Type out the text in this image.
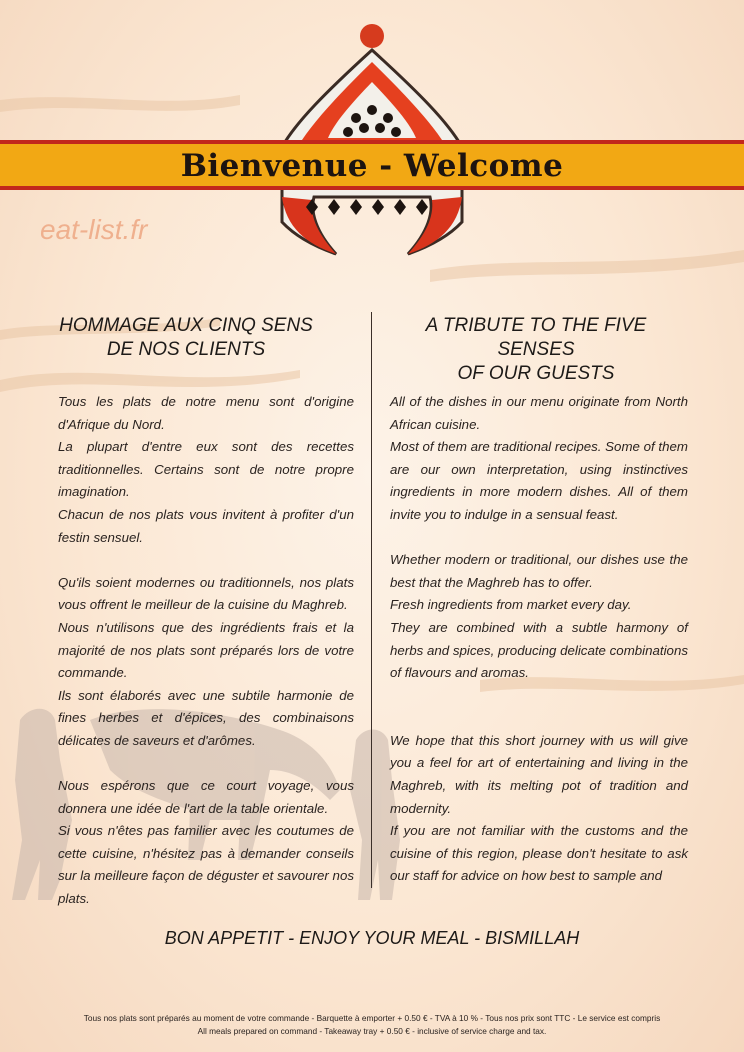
Bienvenue - Welcome
eat-list.fr
HOMMAGE AUX CINQ SENS
DE NOS CLIENTS
A TRIBUTE TO THE FIVE SENSES
OF OUR GUESTS

Tous les plats de notre menu sont d'origine d'Afrique du Nord.

La plupart d'entre eux sont des recettes traditionnelles. Certains sont de notre propre imagination.

Chacun de nos plats vous invitent à profiter d'un festin sensuel.

Qu'ils soient modernes ou traditionnels, nos plats vous offrent le meilleur de la cuisine du Maghreb.

Nous n'utilisons que des ingrédients frais et la majorité de nos plats sont préparés lors de votre commande.

Ils sont élaborés avec une subtile harmonie de fines herbes et d'épices, des combinaisons délicates de saveurs et d'arômes.

Nous espérons que ce court voyage, vous donnera une idée de l'art de la table orientale.

Si vous n'êtes pas familier avec les coutumes de cette cuisine, n'hésitez pas à demander conseils sur la meilleure façon de déguster et savourer nos plats.

All of the dishes in our menu originate from North African cuisine.

Most of them are traditional recipes. Some of them are our own interpretation, using instinctives ingredients in more modern dishes. All of them invite you to indulge in a sensual feast.

Whether modern or traditional, our dishes use the best that the Maghreb has to offer.

Fresh ingredients from market every day.

They are combined with a subtle harmony of herbs and spices, producing delicate combinations of flavours and aromas.

We hope that this short journey with us will give you a feel for art of entertaining and living in the Maghreb, with its melting pot of tradition and modernity.

If you are not familiar with the customs and the cuisine of this region, please don't hesitate to ask our staff for advice on how best to sample and

BON APPETIT - ENJOY YOUR MEAL - BISMILLAH
Tous nos plats sont préparés au moment de votre commande - Barquette à emporter + 0.50 € - TVA à 10 % - Tous nos prix sont TTC - Le service est compris
All meals prepared on command - Takeaway tray + 0.50 € - inclusive of service charge and tax.
